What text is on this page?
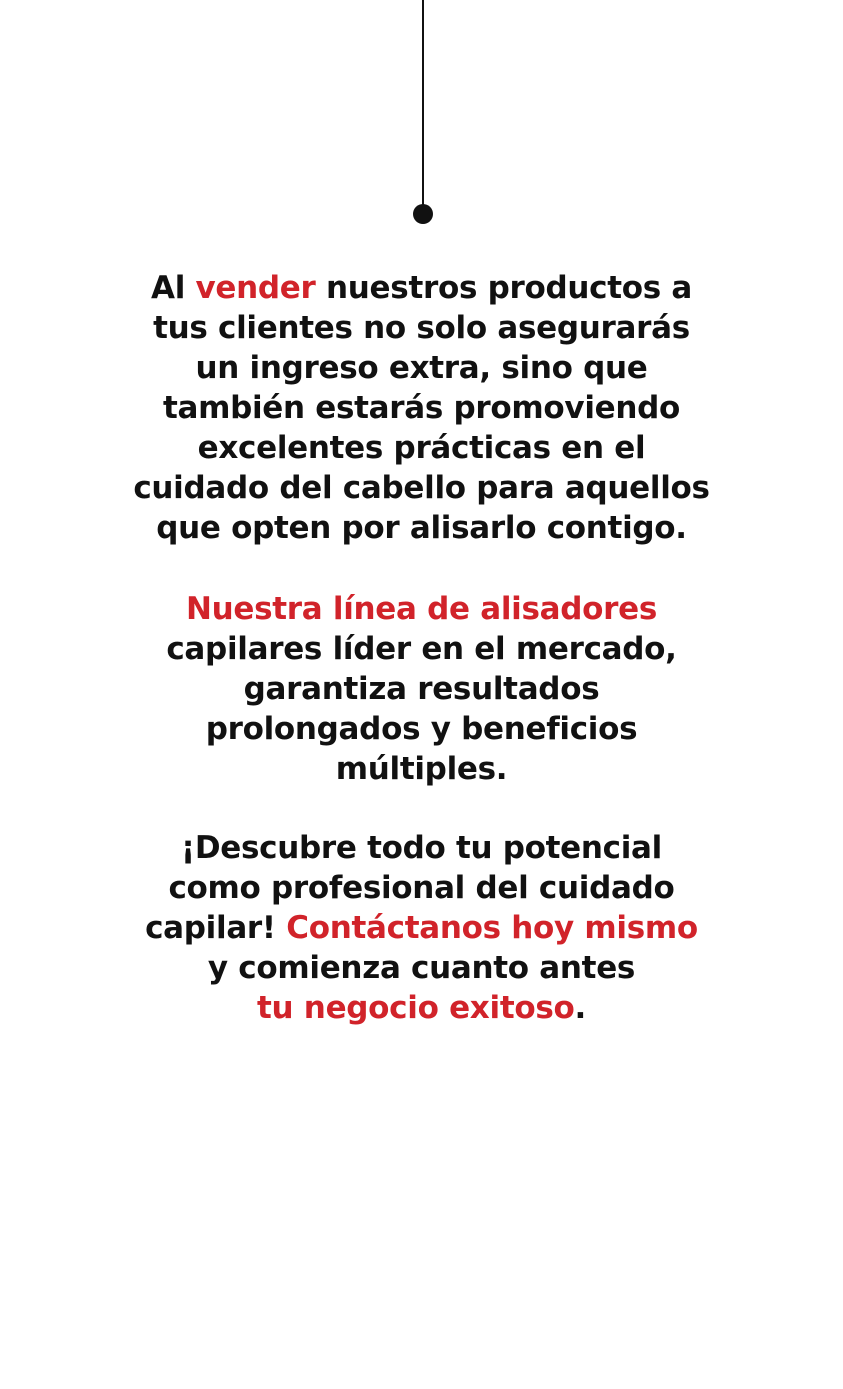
Al vender nuestros productos a
tus clientes no solo asegurarás
un ingreso extra, sino que
también estarás promoviendo
excelentes prácticas en el
cuidado del cabello para aquellos
que opten por alisarlo contigo.
Nuestra línea de alisadores
capilares líder en el mercado,
garantiza resultados
prolongados y beneficios
múltiples.
¡Descubre todo tu potencial
como profesional del cuidado
capilar! Contáctanos hoy mismo
y comienza cuanto antes
tu negocio exitoso.
